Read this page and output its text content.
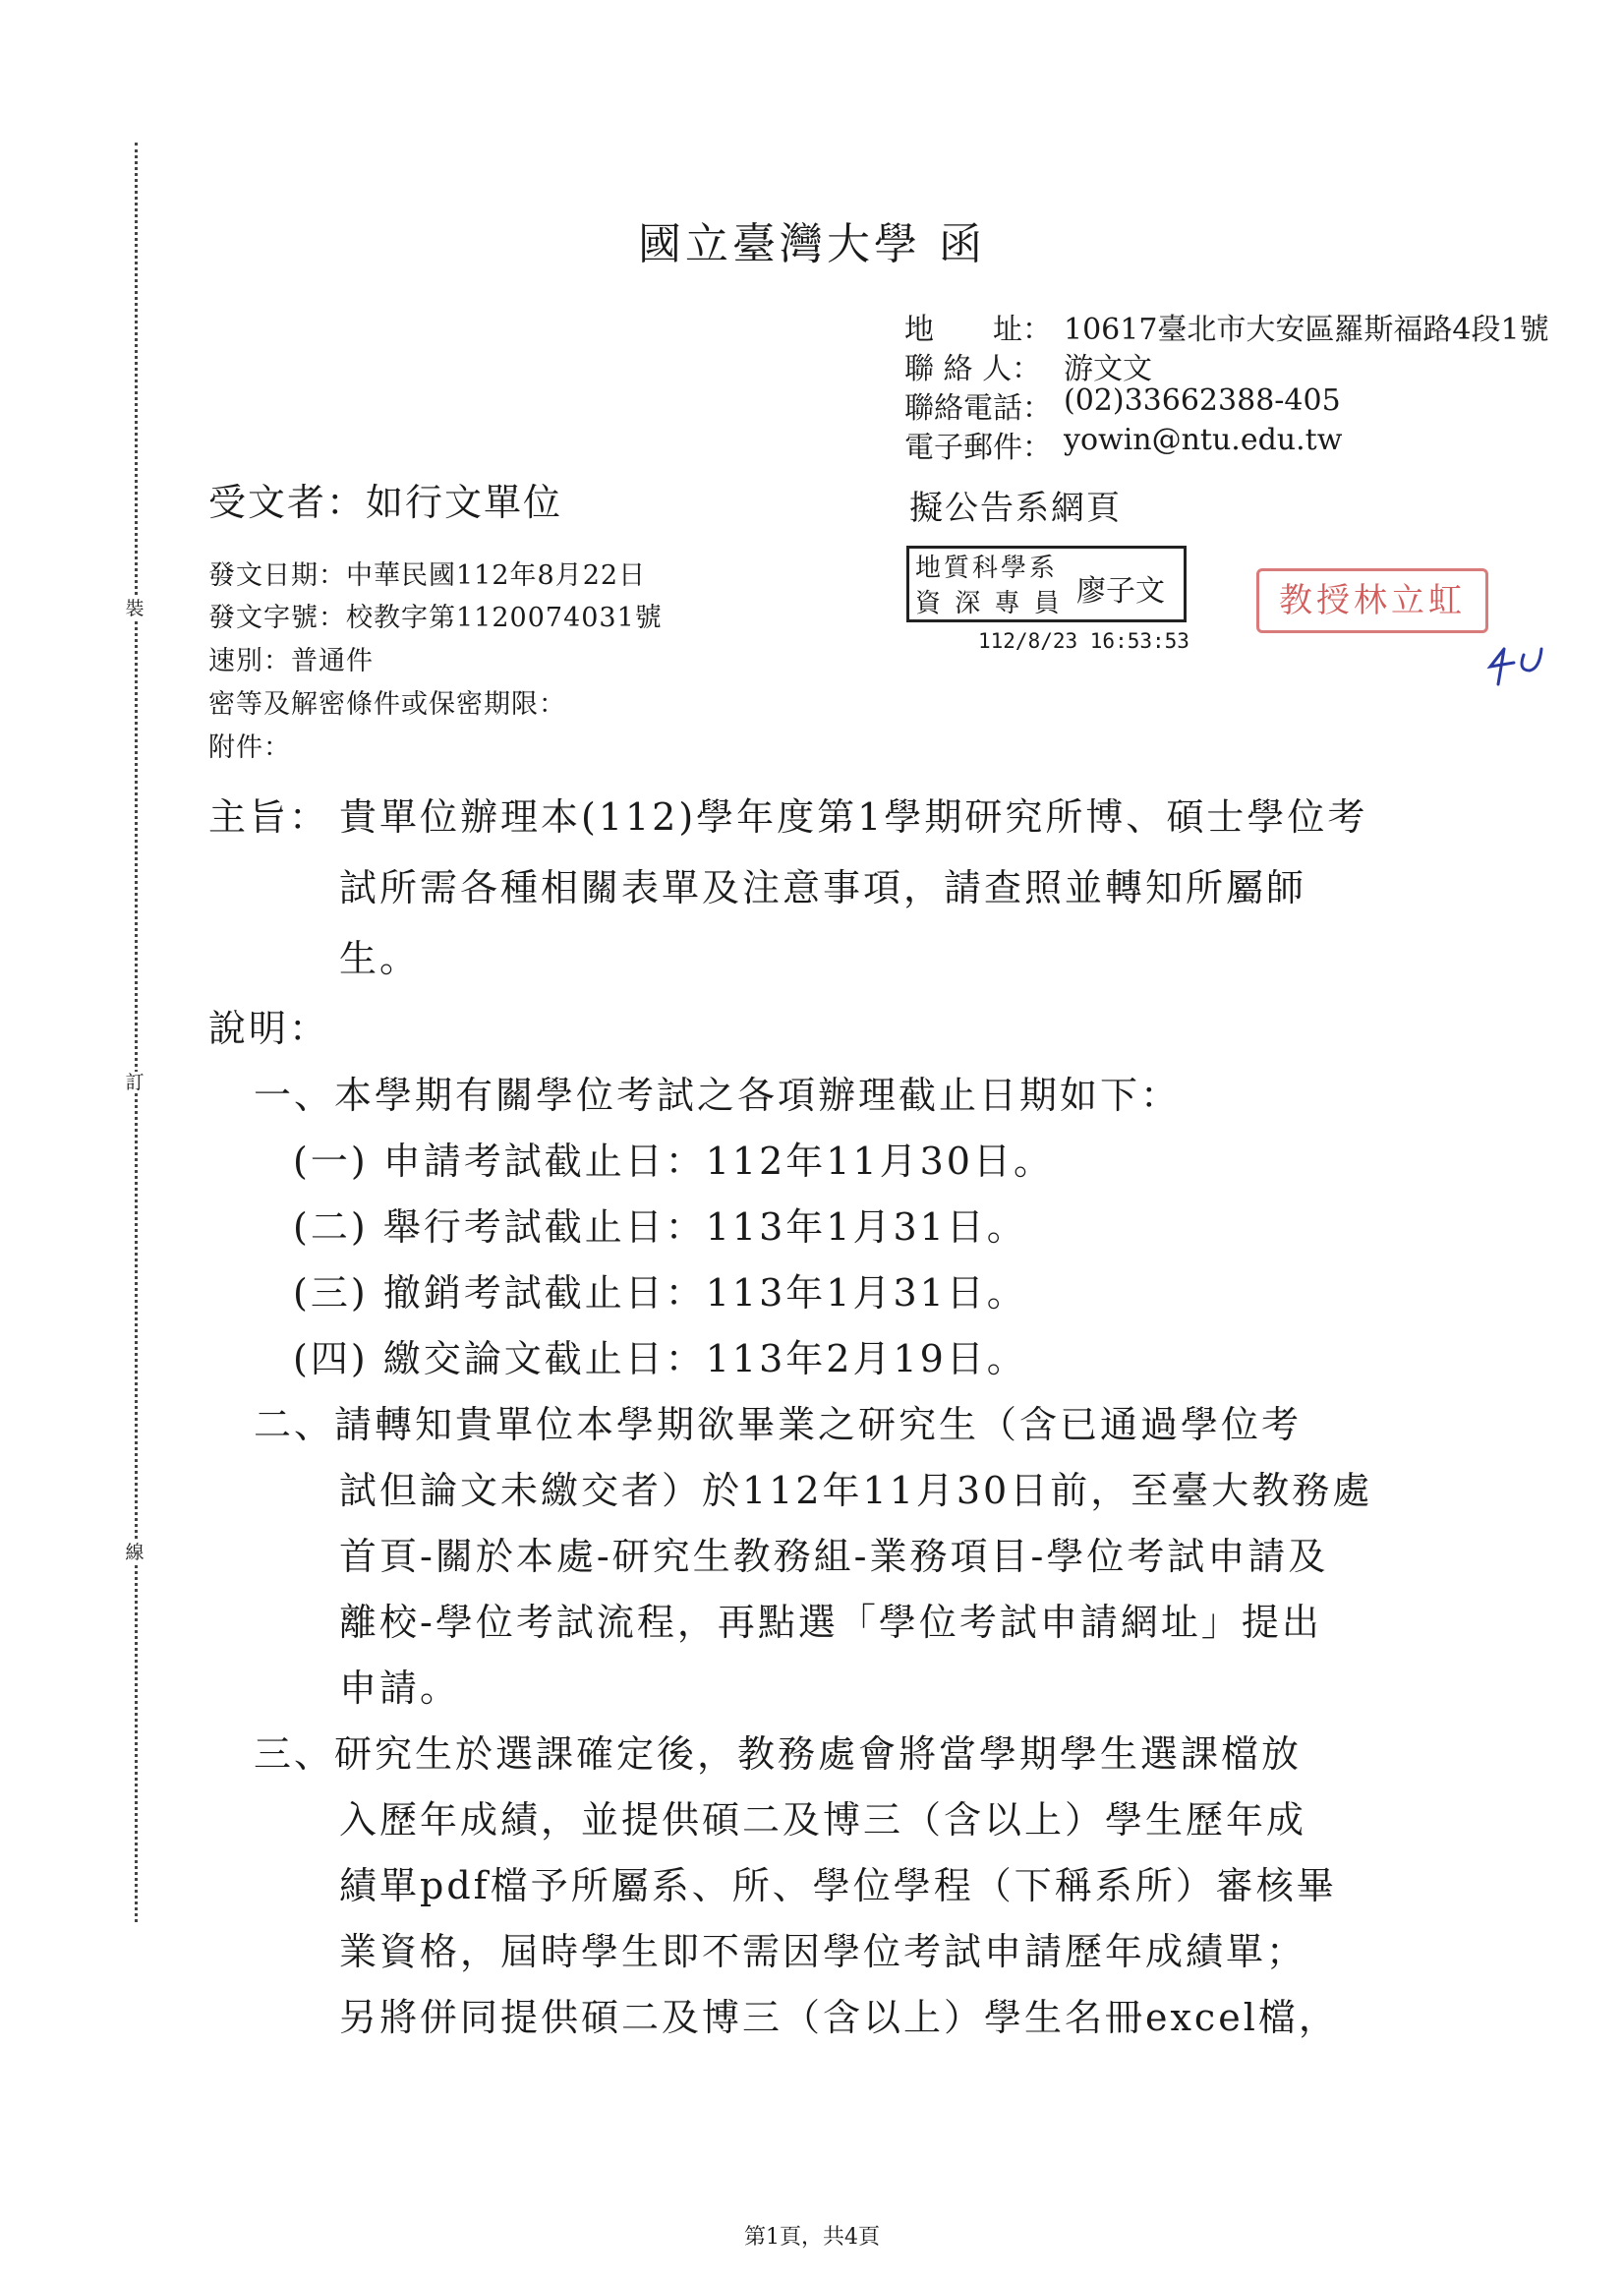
裝
訂
線
國立臺灣大學 函
地　　址： 10617臺北市大安區羅斯福路4段1號
聯 絡 人： 游文文
聯絡電話： (02)33662388-405
電子郵件： yowin@ntu.edu.tw
受文者：如行文單位	擬公告系網頁
發文日期：中華民國112年8月22日
發文字號：校教字第1120074031號
速別：普通件
密等及解密條件或保密期限：
附件：
地質科學系
資 深 專 員 廖子文
112/8/23 16:53:53
教授林立虹
主旨： 貴單位辦理本(112)學年度第1學期研究所博、碩士學位考
試所需各種相關表單及注意事項，請查照並轉知所屬師
生。
說明：
一、本學期有關學位考試之各項辦理截止日期如下：
(一) 申請考試截止日：112年11月30日。
(二) 舉行考試截止日：113年1月31日。
(三) 撤銷考試截止日：113年1月31日。
(四) 繳交論文截止日：113年2月19日。
二、請轉知貴單位本學期欲畢業之研究生（含已通過學位考
試但論文未繳交者）於112年11月30日前，至臺大教務處
首頁-關於本處-研究生教務組-業務項目-學位考試申請及
離校-學位考試流程，再點選「學位考試申請網址」提出
申請。
三、研究生於選課確定後，教務處會將當學期學生選課檔放
入歷年成績，並提供碩二及博三（含以上）學生歷年成
績單pdf檔予所屬系、所、學位學程（下稱系所）審核畢
業資格，屆時學生即不需因學位考試申請歷年成績單；
另將併同提供碩二及博三（含以上）學生名冊excel檔，
第1頁，共4頁
